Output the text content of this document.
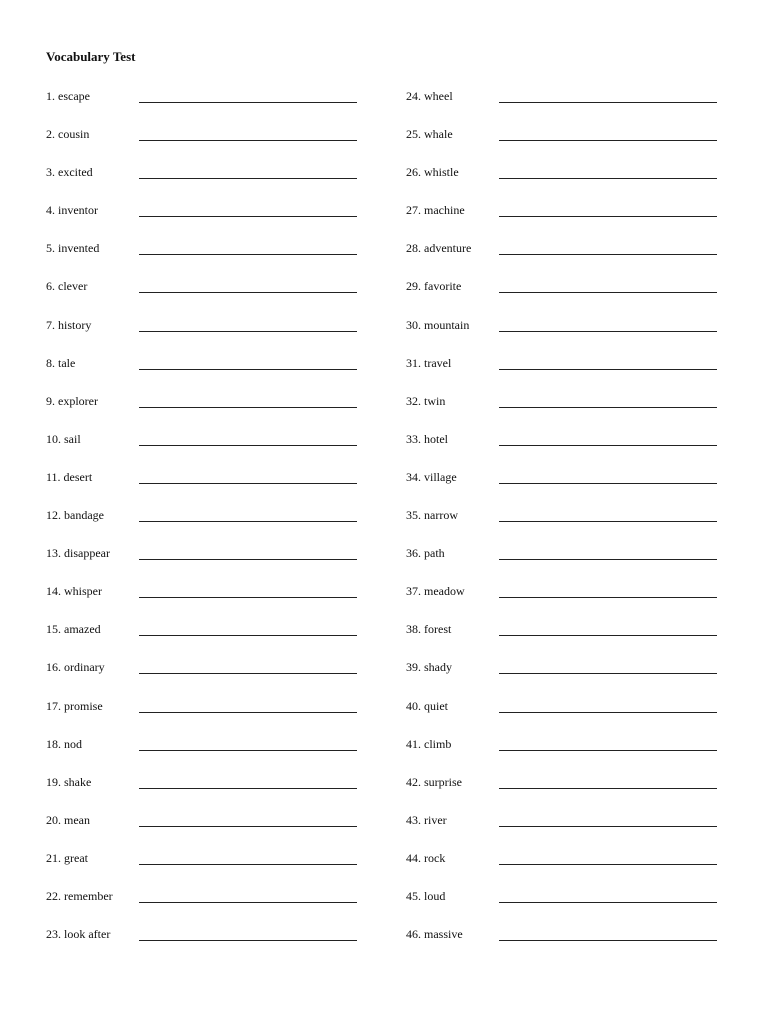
Vocabulary Test
1. escape
2. cousin
3. excited
4. inventor
5. invented
6. clever
7. history
8. tale
9. explorer
10. sail
11. desert
12. bandage
13. disappear
14. whisper
15. amazed
16. ordinary
17. promise
18. nod
19. shake
20. mean
21. great
22. remember
23. look after
24. wheel
25. whale
26. whistle
27. machine
28. adventure
29. favorite
30. mountain
31. travel
32. twin
33. hotel
34. village
35. narrow
36. path
37. meadow
38. forest
39. shady
40. quiet
41. climb
42. surprise
43. river
44. rock
45. loud
46. massive
